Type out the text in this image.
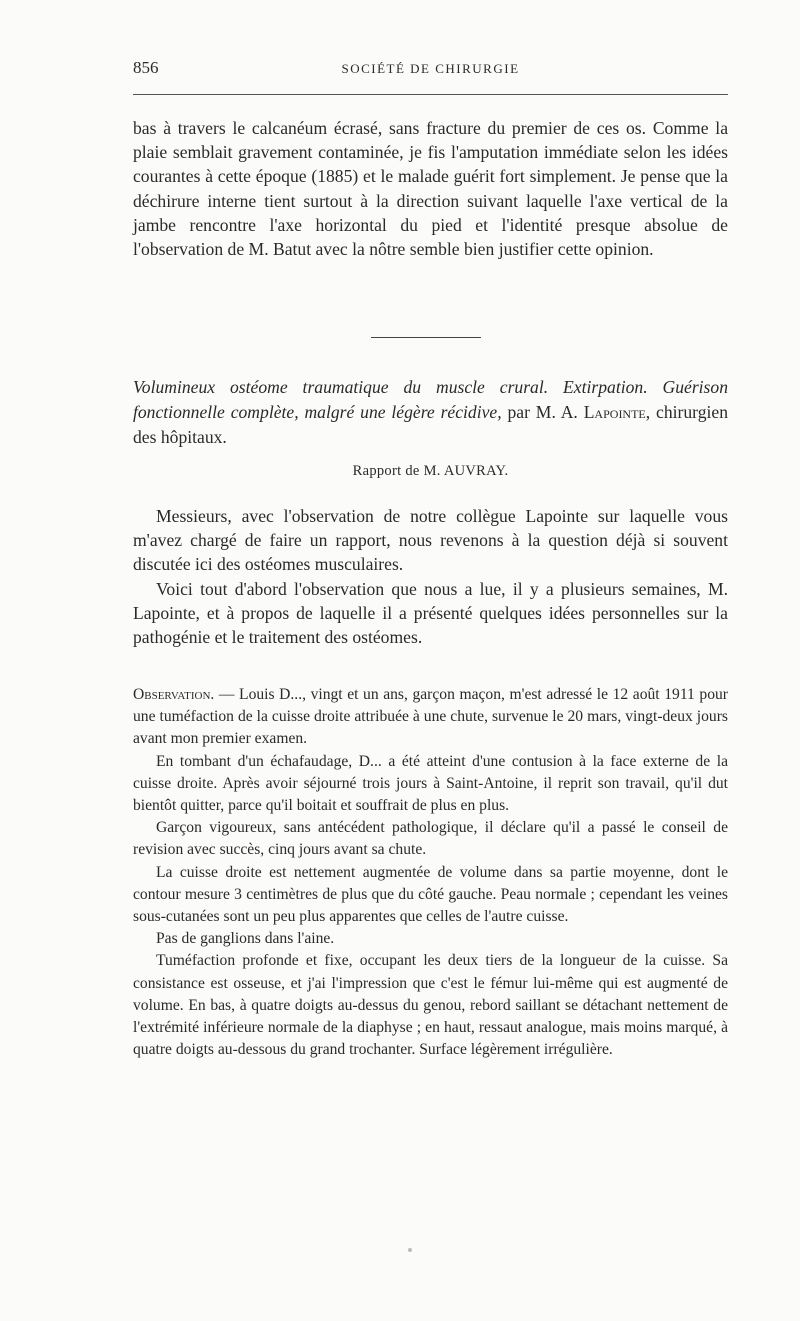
856	SOCIÉTÉ DE CHIRURGIE

bas à travers le calcanéum écrasé, sans fracture du premier de ces os. Comme la plaie semblait gravement contaminée, je fis l'amputation immédiate selon les idées courantes à cette époque (1885) et le malade guérit fort simplement. Je pense que la déchirure interne tient surtout à la direction suivant laquelle l'axe vertical de la jambe rencontre l'axe horizontal du pied et l'identité presque absolue de l'observation de M. Batut avec la nôtre semble bien justifier cette opinion.

Volumineux ostéome traumatique du muscle crural. Extirpation. Guérison fonctionnelle complète, malgré une légère récidive, par M. A. Lapointe, chirurgien des hôpitaux.
Rapport de M. AUVRAY.

Messieurs, avec l'observation de notre collègue Lapointe sur laquelle vous m'avez chargé de faire un rapport, nous revenons à la question déjà si souvent discutée ici des ostéomes musculaires.

Voici tout d'abord l'observation que nous a lue, il y a plusieurs semaines, M. Lapointe, et à propos de laquelle il a présenté quelques idées personnelles sur la pathogénie et le traitement des ostéomes.

Observation. — Louis D..., vingt et un ans, garçon maçon, m'est adressé le 12 août 1911 pour une tuméfaction de la cuisse droite attribuée à une chute, survenue le 20 mars, vingt-deux jours avant mon premier examen.

En tombant d'un échafaudage, D... a été atteint d'une contusion à la face externe de la cuisse droite. Après avoir séjourné trois jours à Saint-Antoine, il reprit son travail, qu'il dut bientôt quitter, parce qu'il boitait et souffrait de plus en plus.

Garçon vigoureux, sans antécédent pathologique, il déclare qu'il a passé le conseil de revision avec succès, cinq jours avant sa chute.

La cuisse droite est nettement augmentée de volume dans sa partie moyenne, dont le contour mesure 3 centimètres de plus que du côté gauche. Peau normale ; cependant les veines sous-cutanées sont un peu plus apparentes que celles de l'autre cuisse.

Pas de ganglions dans l'aine.

Tuméfaction profonde et fixe, occupant les deux tiers de la longueur de la cuisse. Sa consistance est osseuse, et j'ai l'impression que c'est le fémur lui-même qui est augmenté de volume. En bas, à quatre doigts au-dessus du genou, rebord saillant se détachant nettement de l'extrémité inférieure normale de la diaphyse ; en haut, ressaut analogue, mais moins marqué, à quatre doigts au-dessous du grand trochanter. Surface légèrement irrégulière.
